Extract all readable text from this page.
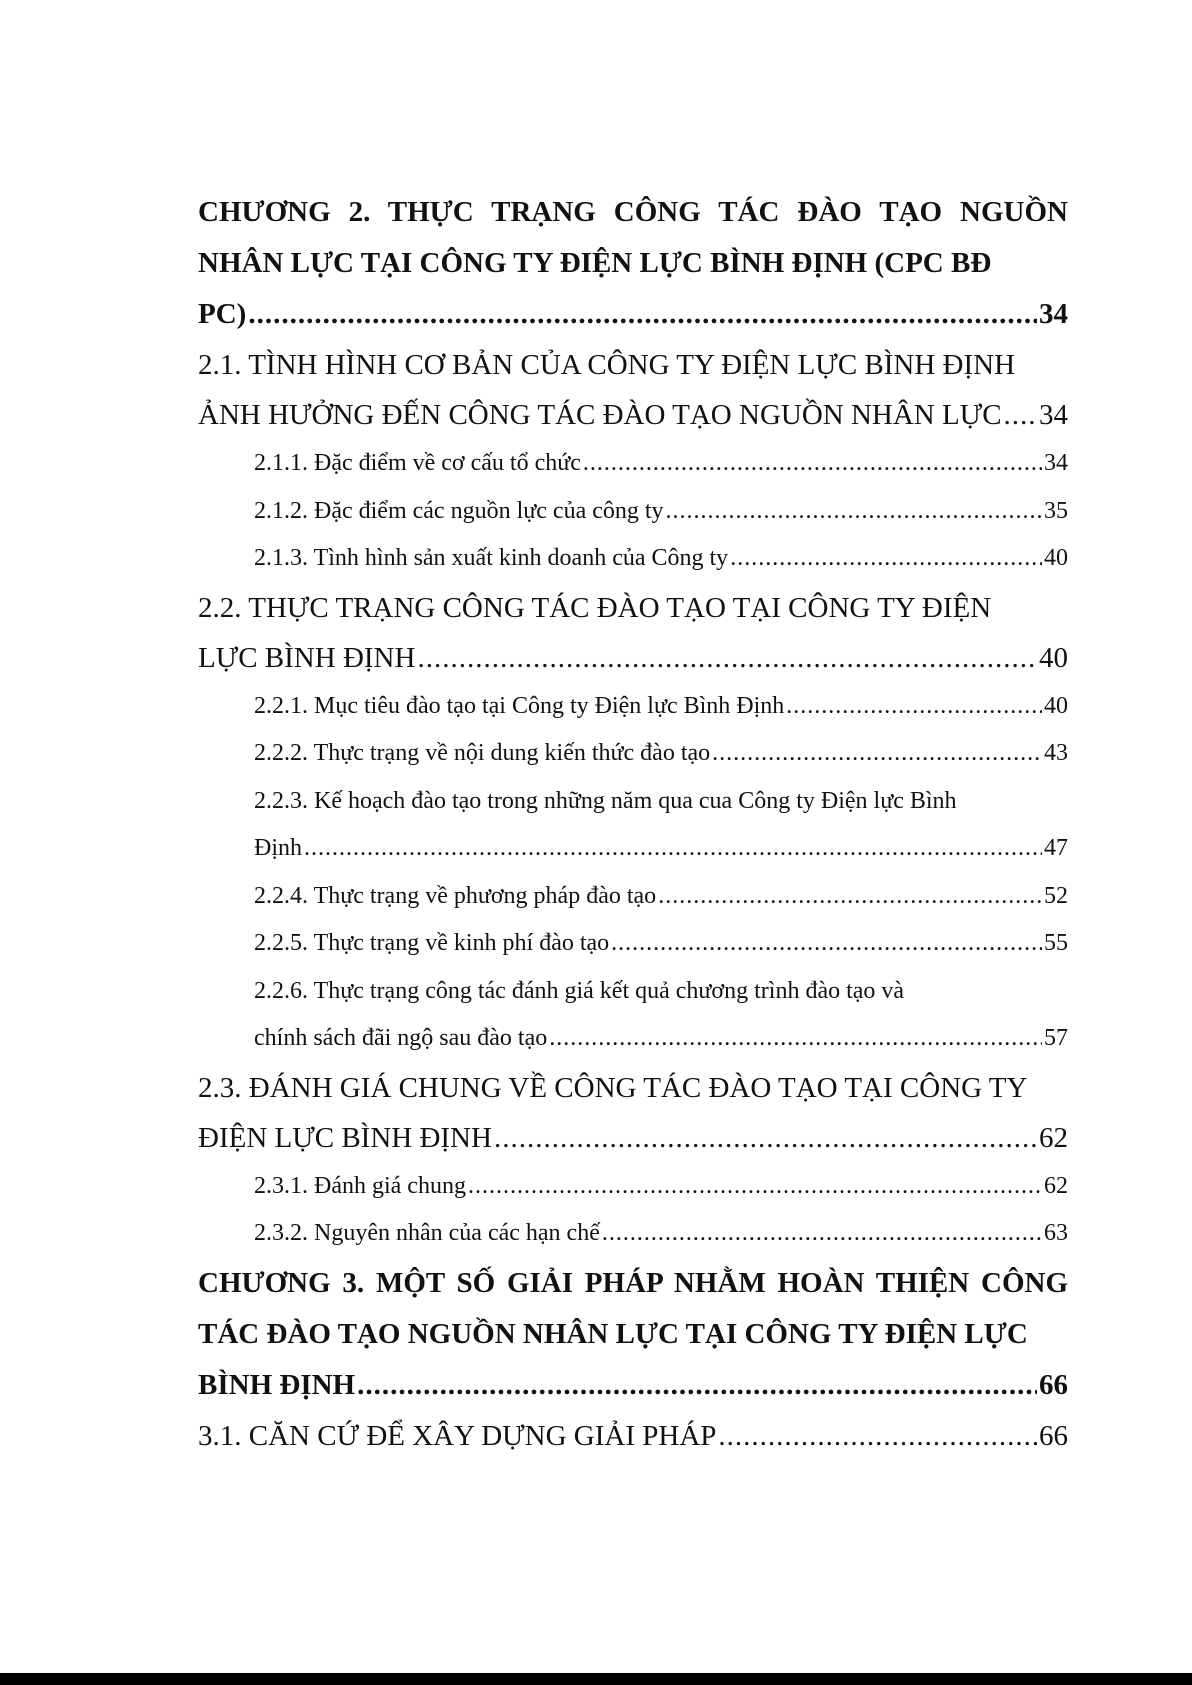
CHƯƠNG 2. THỰC TRẠNG CÔNG TÁC ĐÀO TẠO NGUỒN NHÂN LỰC TẠI CÔNG TY ĐIỆN LỰC BÌNH ĐỊNH (CPC BĐ
PC) .....	34
2.1. TÌNH HÌNH CƠ BẢN CỦA CÔNG TY ĐIỆN LỰC BÌNH ĐỊNH
ẢNH HƯỞNG ĐẾN CÔNG TÁC ĐÀO TẠO NGUỒN NHÂN LỰC ..... 34
2.1.1. Đặc điểm về cơ cấu tổ chức .....	34
2.1.2. Đặc điểm các nguồn lực của công ty .....	35
2.1.3. Tình hình sản xuất kinh doanh của Công ty .....	40
2.2. THỰC TRẠNG CÔNG TÁC ĐÀO TẠO TẠI CÔNG TY ĐIỆN
LỰC BÌNH ĐỊNH .....	40
2.2.1. Mục tiêu đào tạo tại Công ty Điện lực Bình Định .....	40
2.2.2. Thực trạng về nội dung kiến thức đào tạo .....	43
2.2.3. Kế hoạch đào tạo trong những năm qua cua Công ty Điện lực Bình
Định .....	47
2.2.4. Thực trạng về phương pháp đào tạo .....	52
2.2.5. Thực trạng về kinh phí đào tạo .....	55
2.2.6. Thực trạng công tác đánh giá kết quả chương trình đào tạo và
chính sách đãi ngộ sau đào tạo .....	57
2.3. ĐÁNH GIÁ CHUNG VỀ CÔNG TÁC ĐÀO TẠO TẠI CÔNG TY
ĐIỆN LỰC BÌNH ĐỊNH .....	62
2.3.1. Đánh giá chung .....	62
2.3.2. Nguyên nhân của các hạn chế .....	63
CHƯƠNG 3. MỘT SỐ GIẢI PHÁP NHẰM HOÀN THIỆN CÔNG TÁC ĐÀO TẠO NGUỒN NHÂN LỰC TẠI CÔNG TY ĐIỆN LỰC
BÌNH ĐỊNH .....	66
3.1. CĂN CỨ ĐỂ XÂY DỰNG GIẢI PHÁP .....	66
